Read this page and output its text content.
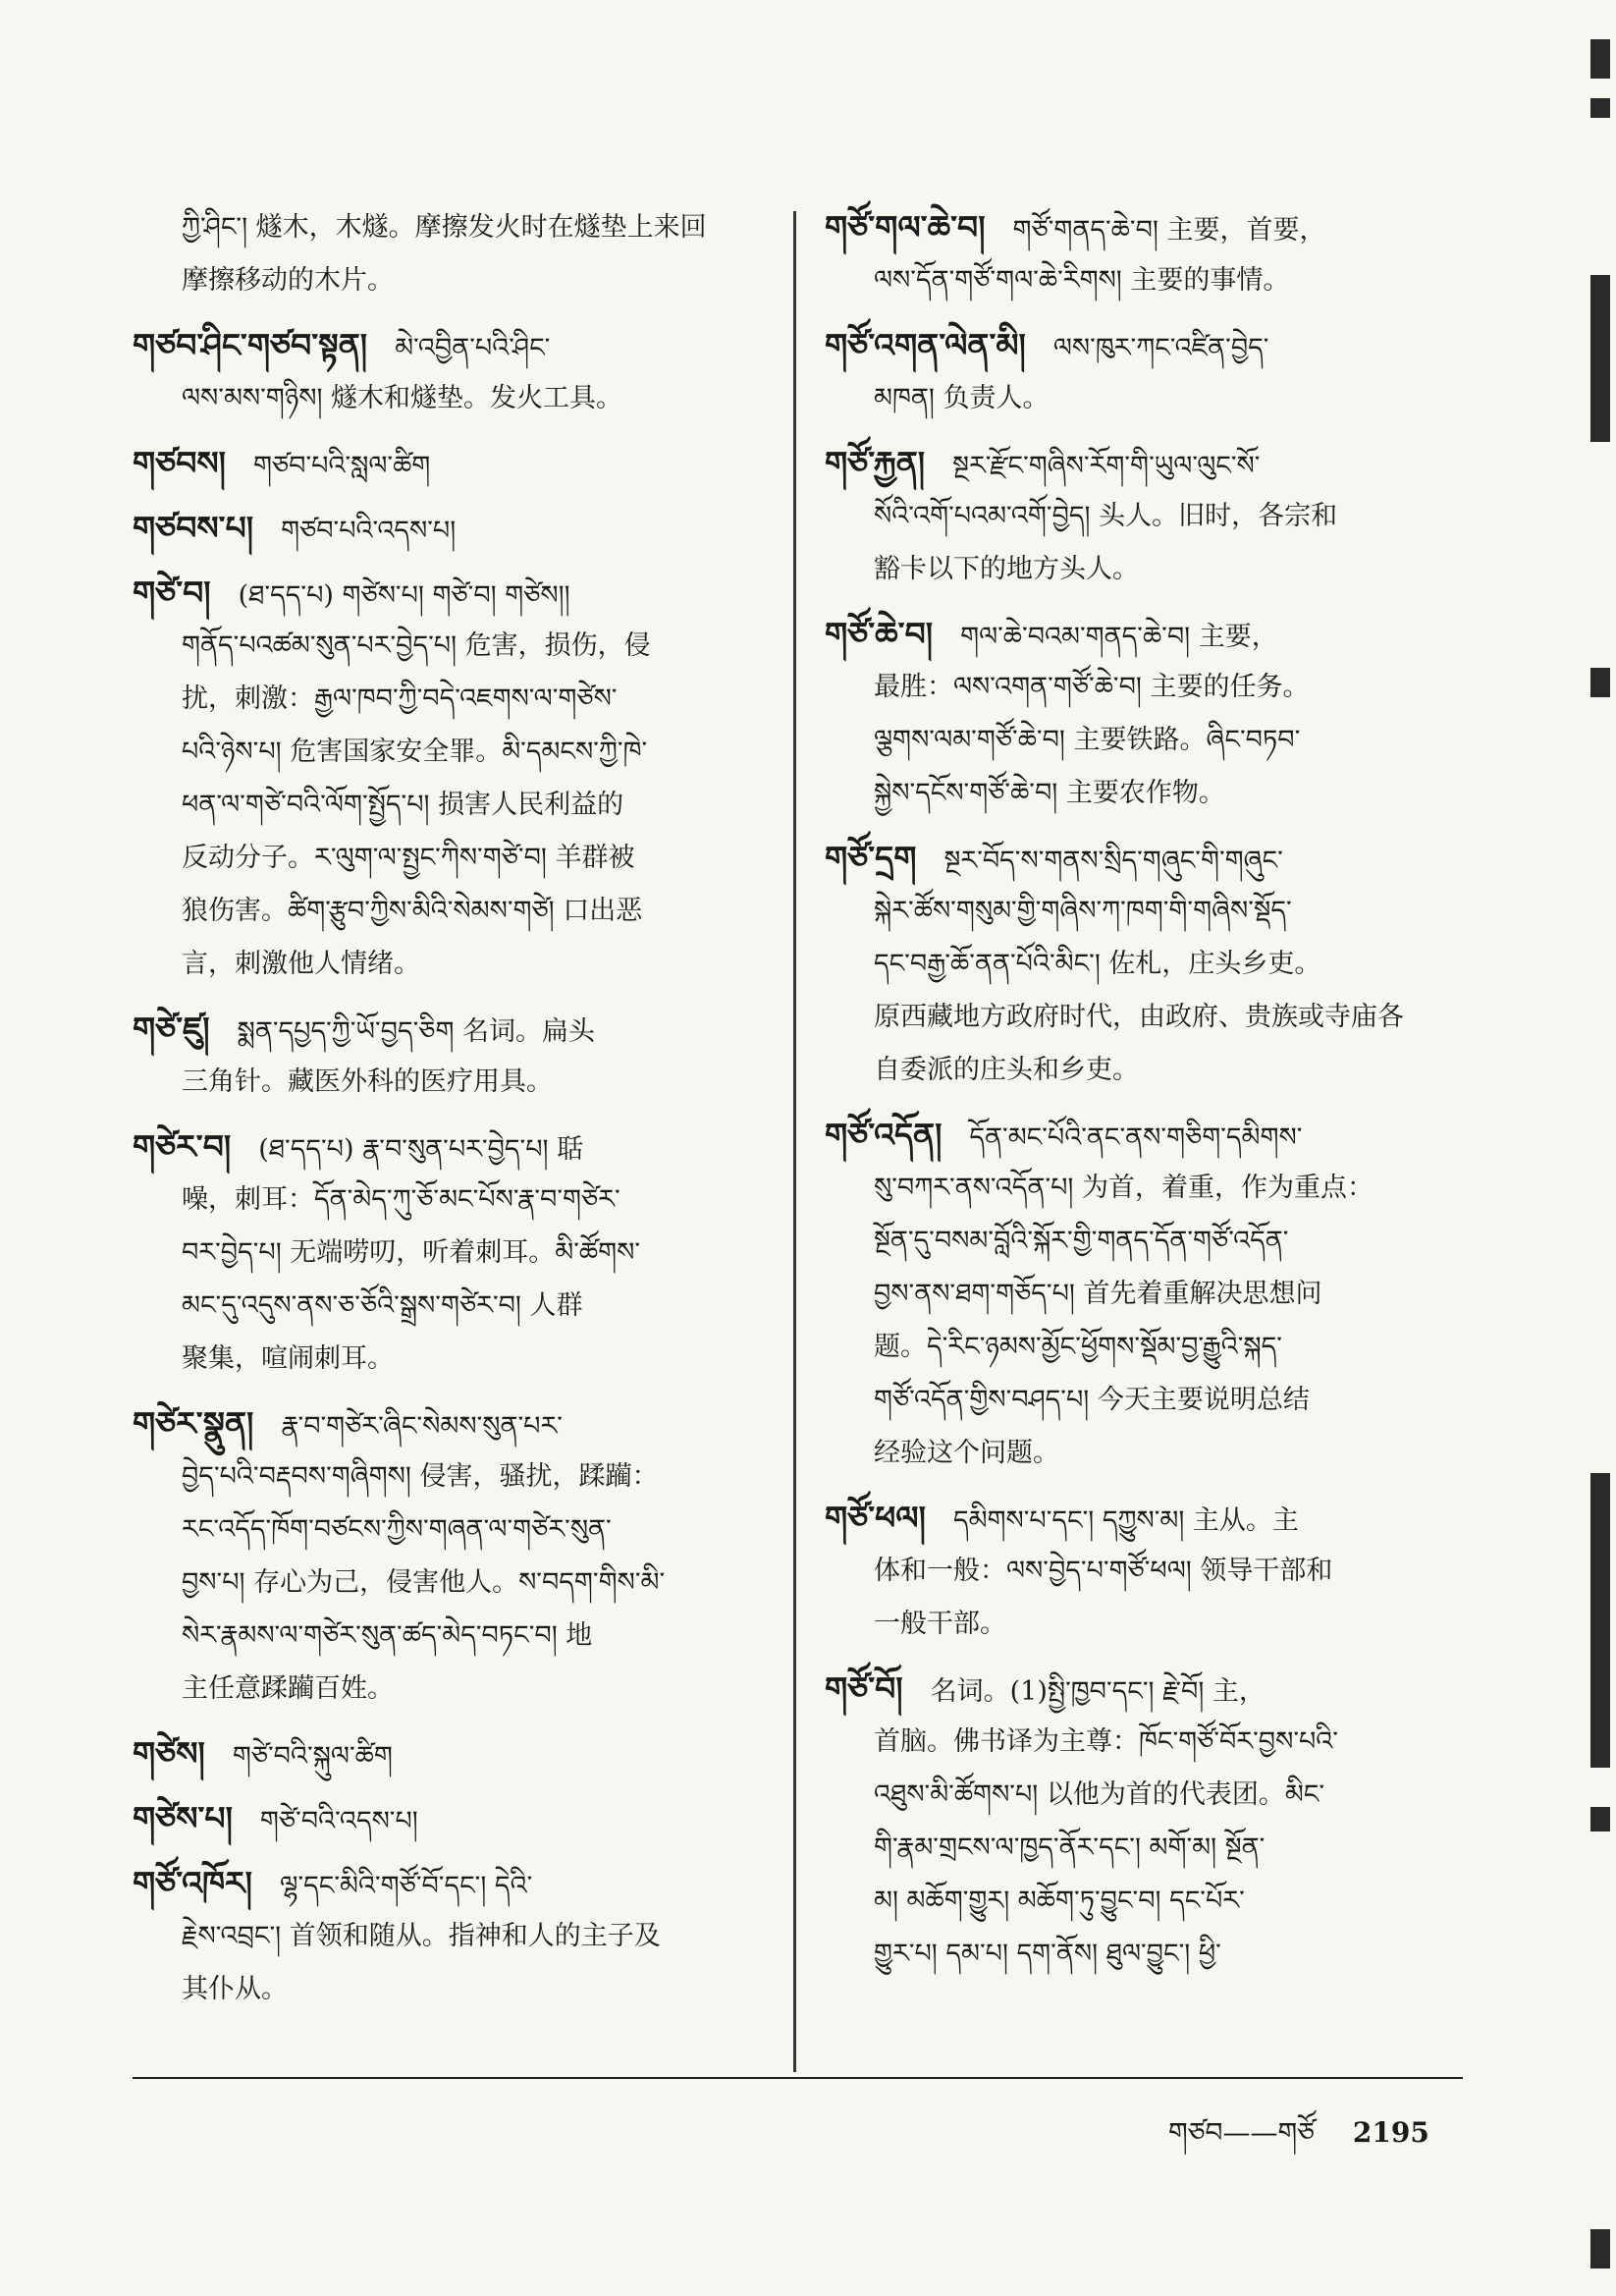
ཀྱི་ཤིང་། 燧木，木燧。摩擦发火时在燧垫上来回
摩擦移动的木片。
གཙབ་ཤིང་གཙབ་སྟན། མེ་འབྱིན་པའི་ཤིང་
ལས་མས་གཉིས། 燧木和燧垫。发火工具。
གཙབས། གཙབ་པའི་སླལ་ཚིག
གཙབས་པ། གཙབ་པའི་འདས་པ།
གཙེ་བ། (ཐ་དད་པ) གཙེས་པ། གཙེ་བ། གཙེས།།
གནོད་པའཚམ་སུན་པར་བྱེད་པ། 危害，损伤，侵
扰，刺激：རྒྱལ་ཁབ་ཀྱི་བདེ་འཇགས་ལ་གཙེས་
པའི་ཉེས་པ། 危害国家安全罪。མི་དམངས་ཀྱི་ཁེ་
ཕན་ལ་གཙེ་བའི་ལོག་སྤྱོད་པ། 损害人民利益的
反动分子。ར་ལུག་ལ་སྤྱང་ཀིས་གཙེ་བ། 羊群被
狼伤害。ཚིག་རྩུབ་ཀྱིས་མིའི་སེམས་གཙེ། 口出恶
言，刺激他人情绪。
གཙེ་ཛུ། སྨན་དཔྱད་ཀྱི་ཡོ་བྱད་ཅིག 名词。扁头
三角针。藏医外科的医疗用具。
གཙེར་བ། (ཐ་དད་པ) རྣ་བ་སུན་པར་བྱེད་པ། 聒
噪，刺耳：དོན་མེད་ཀུ་ཅོ་མང་པོས་རྣ་བ་གཙེར་
བར་བྱེད་པ། 无端唠叨，听着刺耳。མི་ཚོགས་
མང་དུ་འདུས་ནས་ཅ་ཅོའི་སྒྲས་གཙེར་བ། 人群
聚集，喧闹刺耳。
གཙེར་སྣུན། རྣ་བ་གཙེར་ཞིང་སེམས་སུན་པར་
བྱེད་པའི་བརྡབས་གཞིགས། 侵害，骚扰，蹂躏：
རང་འདོད་ཁོག་བཙངས་ཀྱིས་གཞན་ལ་གཙེར་སུན་
བྱས་པ། 存心为己，侵害他人。ས་བདག་གིས་མི་
སེར་རྣམས་ལ་གཙེར་སུན་ཚད་མེད་བཏང་བ། 地
主任意蹂躏百姓。
གཙེས། གཙེ་བའི་སྐུལ་ཚིག
གཙེས་པ། གཙེ་བའི་འདས་པ།
གཙོ་འཁོར། ལྷ་དང་མིའི་གཙོ་བོ་དང་། དེའི་
རྗེས་འབྲང་། 首领和随从。指神和人的主子及
其仆从。
གཙོ་གལ་ཆེ་བ། གཙོ་གནད་ཆེ་བ། 主要，首要，
ལས་དོན་གཙོ་གལ་ཆེ་རིགས། 主要的事情。
གཙོ་འགན་ལེན་མི། ལས་ཁུར་ཀང་འཛིན་བྱེད་
མཁན། 负责人。
གཙོ་རྐྱན། སྔར་རྫོང་གཞིས་རོག་གི་ཡུལ་ལུང་སོ་
སོའི་འགོ་པའམ་འགོ་བྱེད། 头人。旧时，各宗和
豁卡以下的地方头人。
གཙོ་ཆེ་བ། གལ་ཆེ་བའམ་གནད་ཆེ་བ། 主要，
最胜：ལས་འགན་གཙོ་ཆེ་བ། 主要的任务。
ལྕགས་ལམ་གཙོ་ཆེ་བ། 主要铁路。ཞིང་བཏབ་
སྐྱེས་དངོས་གཙོ་ཆེ་བ། 主要农作物。
གཙོ་དྲག སྔར་བོད་ས་གནས་སྲིད་གཞུང་གི་གཞུང་
སྐེར་ཚོས་གསུམ་གྱི་གཞིས་ཀ་ཁག་གི་གཞིས་སྡོད་
དང་བརྒྱ་ཆོ་ནན་པོའི་མིང་། 佐札，庄头乡吏。
原西藏地方政府时代，由政府、贵族或寺庙各
自委派的庄头和乡吏。
གཙོ་འདོན། དོན་མང་པོའི་ནང་ནས་གཅིག་དམིགས་
སུ་བཀར་ནས་འདོན་པ། 为首，着重，作为重点：
སྔོན་དུ་བསམ་བློའི་སྐོར་གྱི་གནད་དོན་གཙོ་འདོན་
བྱས་ནས་ཐག་གཅོད་པ། 首先着重解决思想问
题。དེ་རིང་ཉམས་མྱོང་ཕྱོགས་སྡོམ་བྱ་རྒྱུའི་སྐད་
གཙོ་འདོན་གྱིས་བཤད་པ། 今天主要说明总结
经验这个问题。
གཙོ་ཕལ། དམིགས་པ་དང་། དཀྱུས་མ། 主从。主
体和一般：ལས་བྱེད་པ་གཙོ་ཕལ། 领导干部和
一般干部。
གཙོ་བོ། 名词。(1)སྤྱི་ཁྱབ་དང་། རྗེ་བོ། 主，
首脑。佛书译为主尊：ཁོང་གཙོ་བོར་བྱས་པའི་
འཐུས་མི་ཚོགས་པ། 以他为首的代表团。མིང་
གི་རྣམ་གྲངས་ལ་ཁྱད་ནོར་དང་། མགོ་མ། སྔོན་
མ། མཆོག་གྱུར། མཆོག་ཏུ་བྱུང་བ། དང་པོར་
གྱུར་པ། དམ་པ། དག་ནོས། ཐུལ་བྱུང་། ཕྱི་
གཙབ——གཙོ 2195
